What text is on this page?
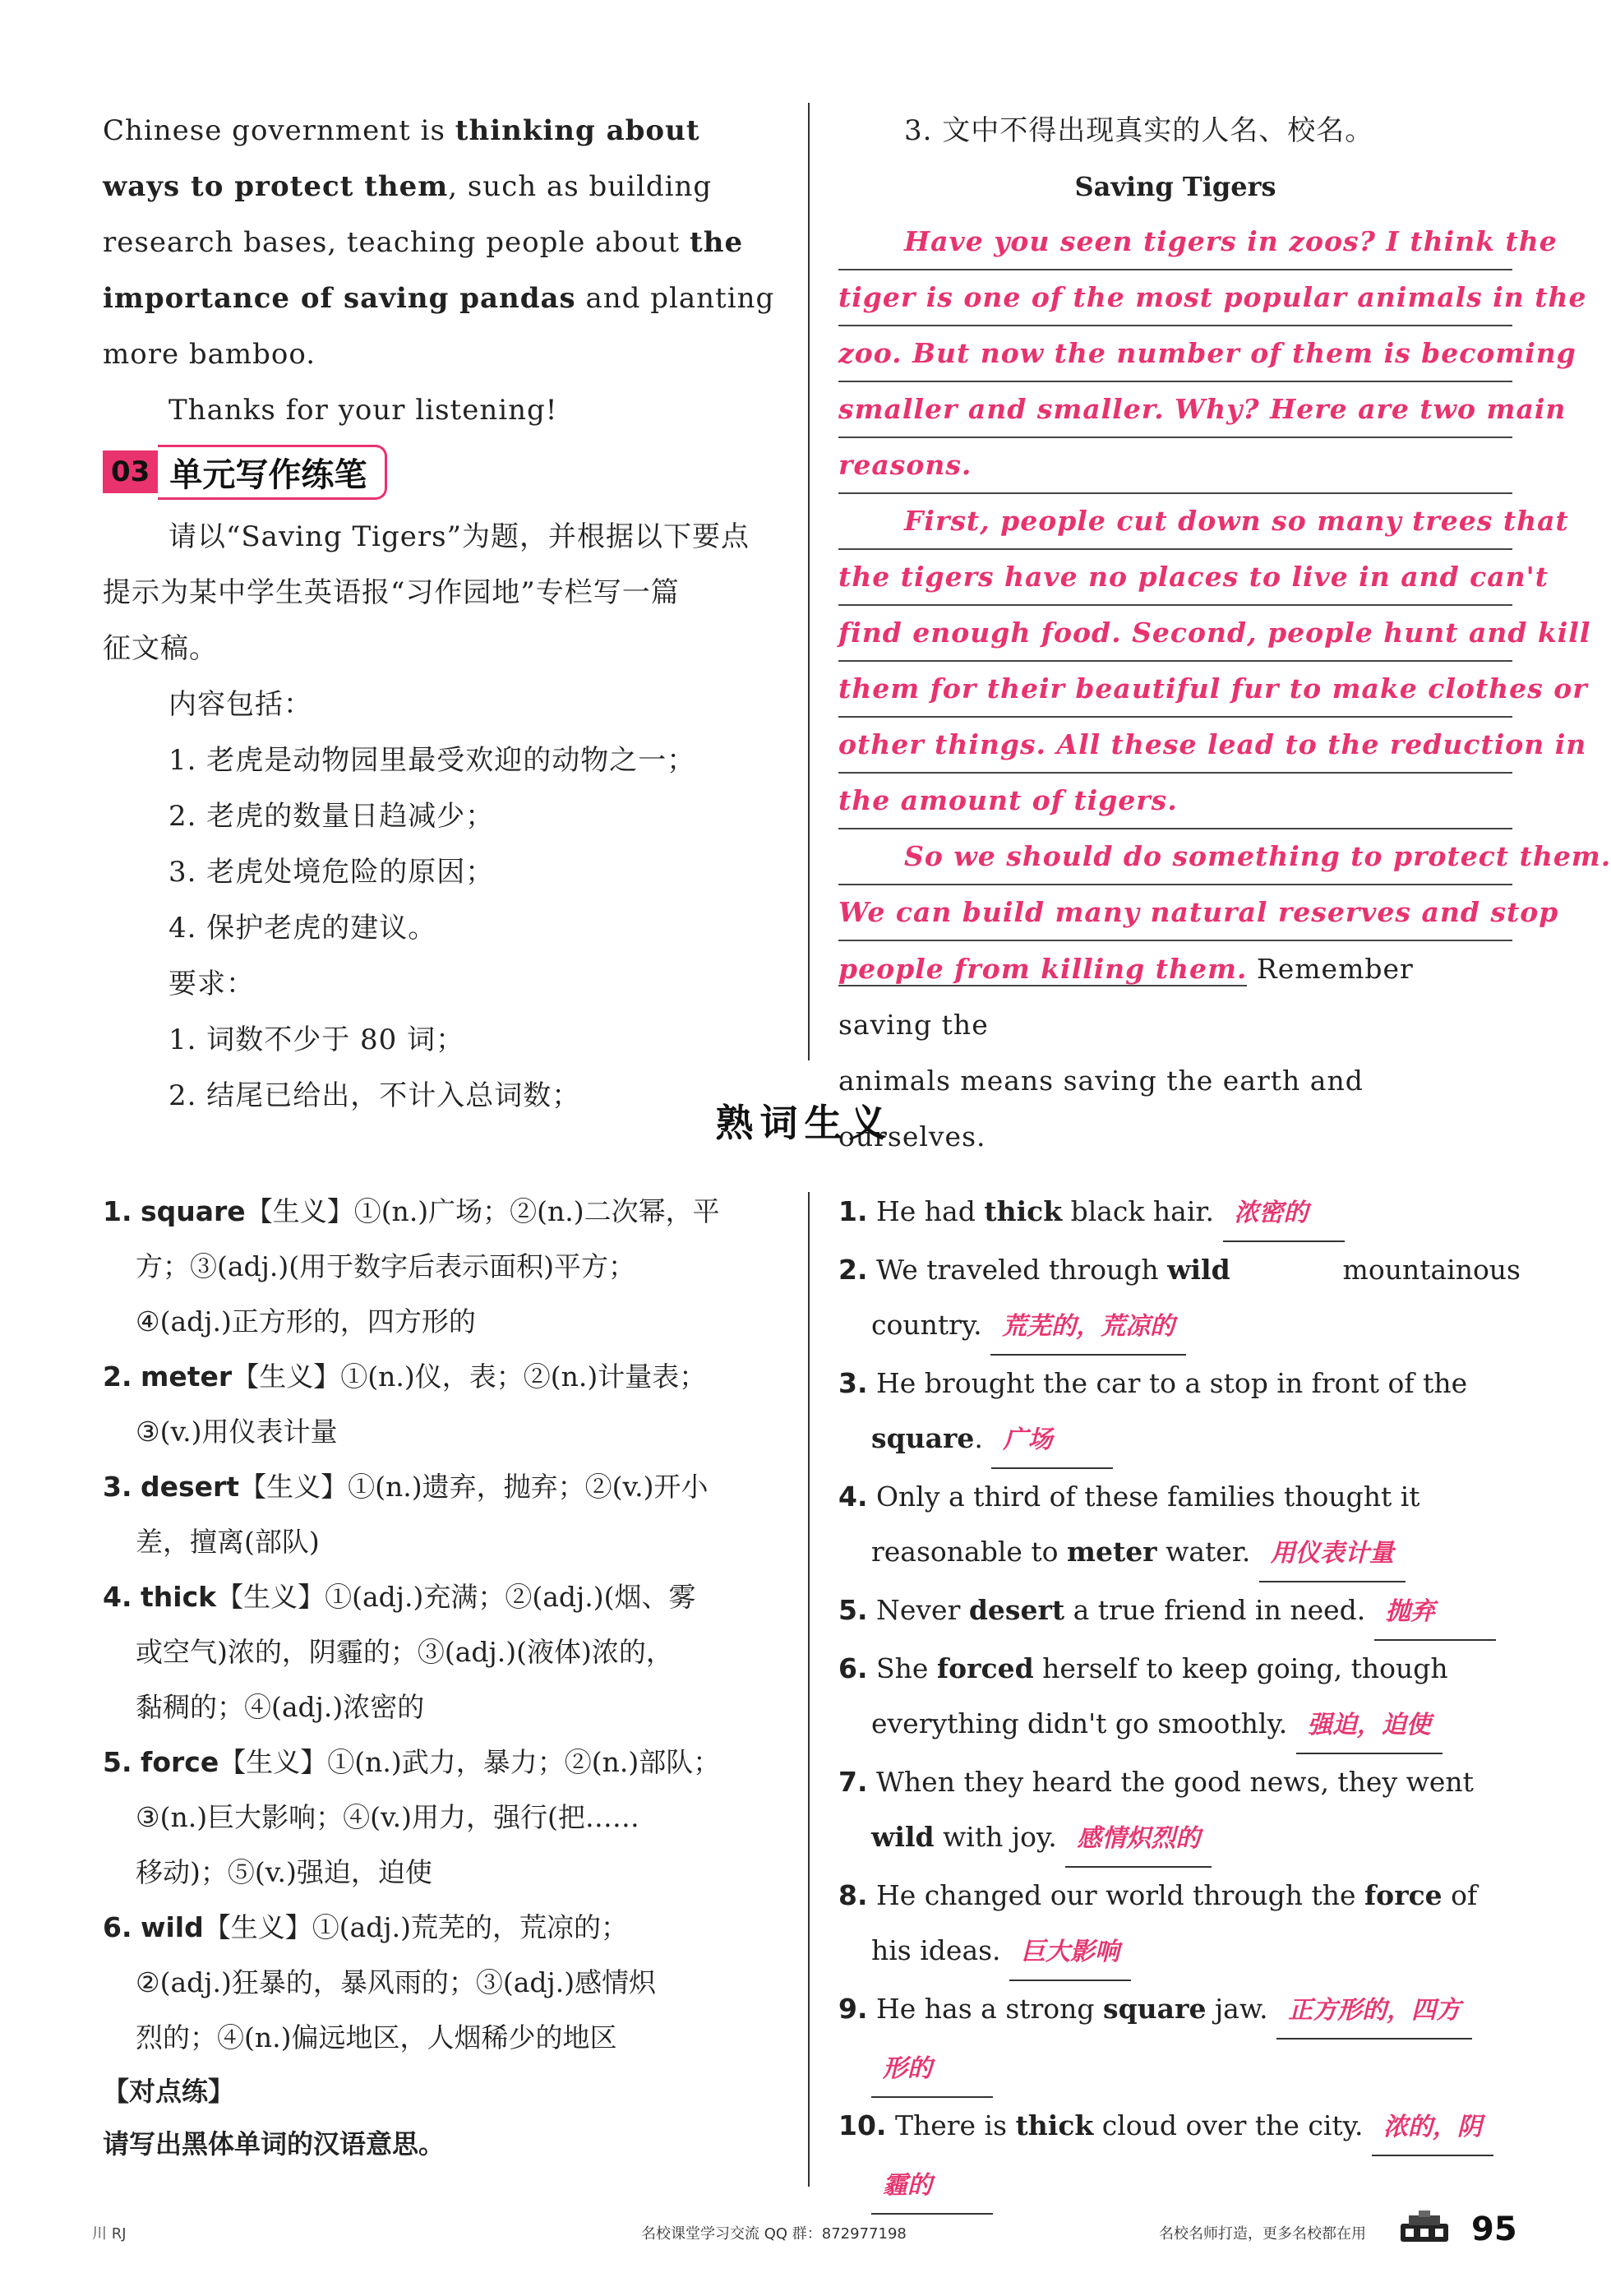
Chinese government is thinking about ways to protect them, such as building research bases, teaching people about the importance of saving pandas and planting more bamboo.

Thanks for your listening!

03 单元写作练笔

请以“Saving Tigers”为题，并根据以下要点

提示为某中学生英语报“习作园地”专栏写一篇

征文稿。

内容包括：

1. 老虎是动物园里最受欢迎的动物之一；

2. 老虎的数量日趋减少；

3. 老虎处境危险的原因；

4. 保护老虎的建议。

要求：

1. 词数不少于 80 词；

2. 结尾已给出，不计入总词数；

3. 文中不得出现真实的人名、校名。

Saving Tigers

Have you seen tigers in zoos? I think the
tiger is one of the most popular animals in the
zoo. But now the number of them is becoming
smaller and smaller. Why? Here are two main
reasons.
First, people cut down so many trees that
the tigers have no places to live in and can't
find enough food. Second, people hunt and kill
them for their beautiful fur to make clothes or
other things. All these lead to the reduction in
the amount of tigers.
So we should do something to protect them.
We can build many natural reserves and stop
people from killing them. Remember saving the
animals means saving the earth and ourselves.
熟词生义
1. square【生义】①(n.)广场；②(n.)二次幂，平
方；③(adj.)(用于数字后表示面积)平方；
④(adj.)正方形的，四方形的
2. meter【生义】①(n.)仪，表；②(n.)计量表；
③(v.)用仪表计量
3. desert【生义】①(n.)遗弃，抛弃；②(v.)开小
差，擅离(部队)
4. thick【生义】①(adj.)充满；②(adj.)(烟、雾
或空气)浓的，阴霾的；③(adj.)(液体)浓的，
黏稠的；④(adj.)浓密的
5. force【生义】①(n.)武力，暴力；②(n.)部队；
③(n.)巨大影响；④(v.)用力，强行(把……
移动)；⑤(v.)强迫，迫使
6. wild【生义】①(adj.)荒芜的，荒凉的；
②(adj.)狂暴的，暴风雨的；③(adj.)感情炽
烈的；④(n.)偏远地区，人烟稀少的地区
【对点练】
请写出黑体单词的汉语意思。
1. He had thick black hair. 浓密的
2. We traveled through wild	mountainous
country. 荒芜的，荒凉的
3. He brought the car to a stop in front of the
square. 广场
4. Only a third of these families thought it
reasonable to meter water. 用仪表计量
5. Never desert a true friend in need. 抛弃
6. She forced herself to keep going, though
everything didn't go smoothly. 强迫，迫使
7. When they heard the good news, they went
wild with joy. 感情炽烈的
8. He changed our world through the force of
his ideas. 巨大影响
9. He has a strong square jaw. 正方形的，四方
形的
10. There is thick cloud over the city. 浓的，阴
霾的
川 RJ	名校课堂学习交流 QQ 群：872977198	名校名师打造，更多名校都在用	95
